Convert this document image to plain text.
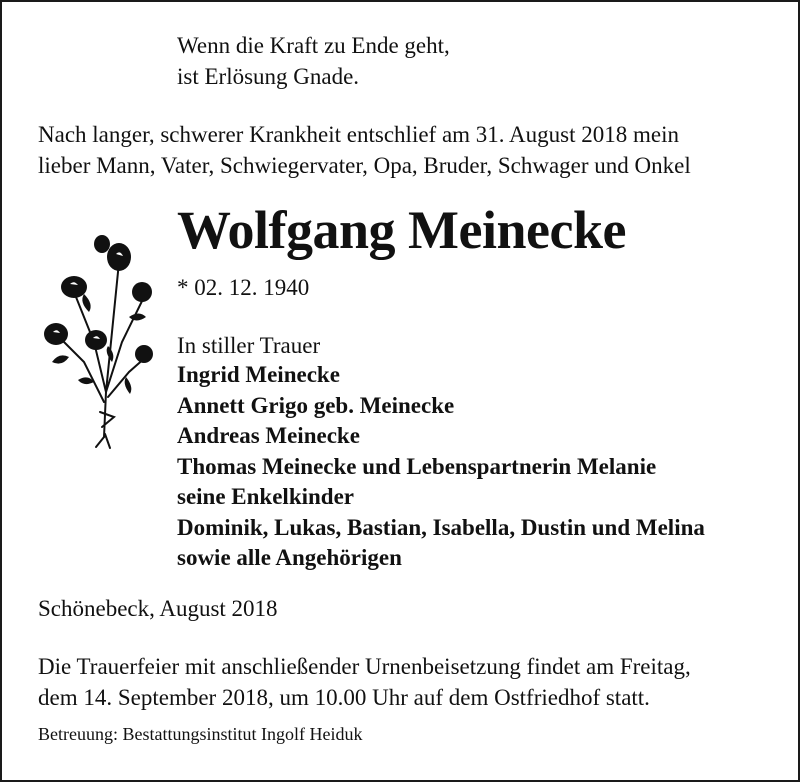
Wenn die Kraft zu Ende geht,
ist Erlösung Gnade.
Nach langer, schwerer Krankheit entschlief am 31. August 2018 mein
lieber Mann, Vater, Schwiegervater, Opa, Bruder, Schwager und Onkel
Wolfgang Meinecke
* 02. 12. 1940
In stiller Trauer
Ingrid Meinecke
Annett Grigo geb. Meinecke
Andreas Meinecke
Thomas Meinecke und Lebenspartnerin Melanie
seine Enkelkinder
Dominik, Lukas, Bastian, Isabella, Dustin und Melina
sowie alle Angehörigen
Schönebeck, August 2018
Die Trauerfeier mit anschließender Urnenbeisetzung findet am Freitag,
dem 14. September 2018, um 10.00 Uhr auf dem Ostfriedhof statt.
Betreuung: Bestattungsinstitut Ingolf Heiduk
